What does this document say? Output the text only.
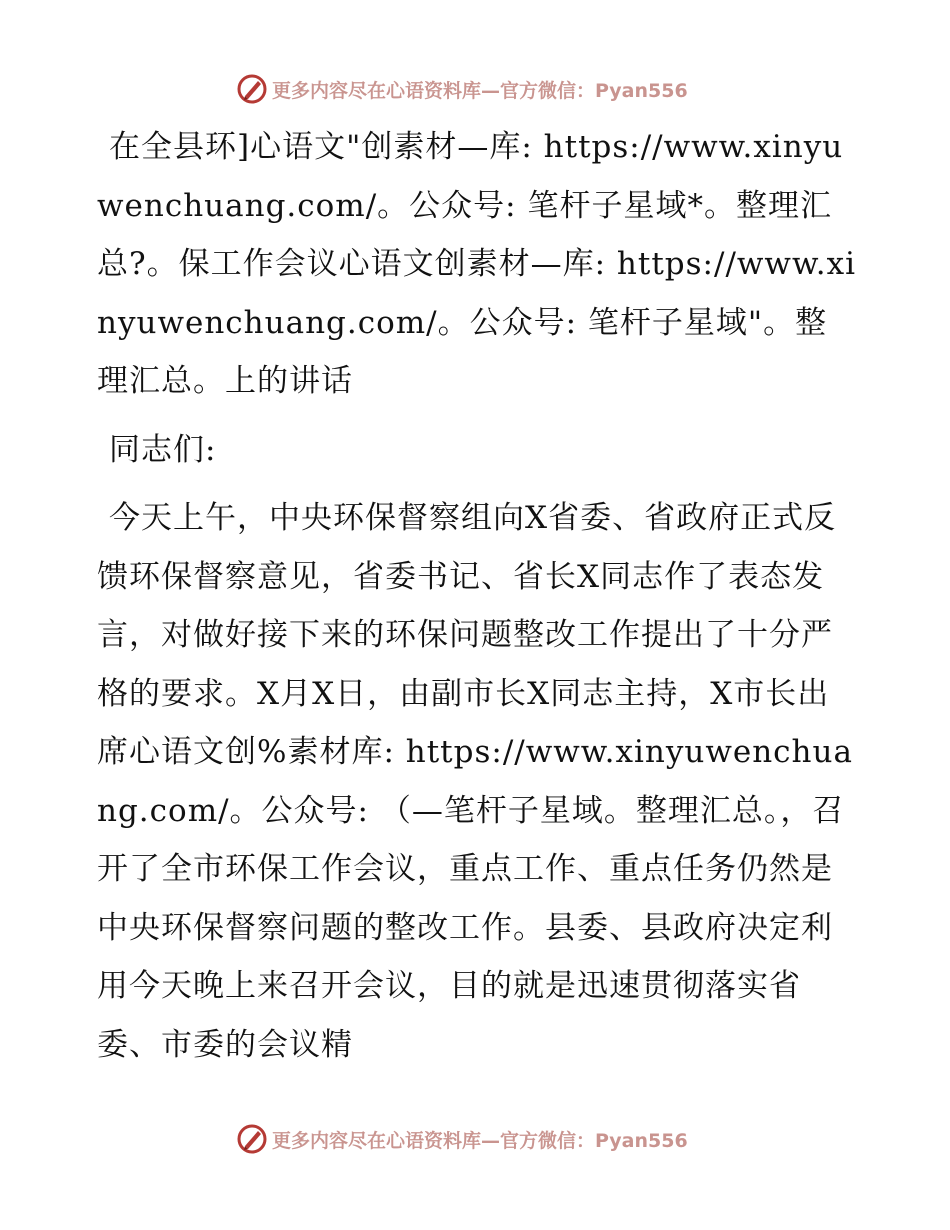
更多内容尽在心语资料库—官方微信：Pyan556

在全县环]心语文"创素材—库: https://www.xinyuwenchuang.com/。公众号: 笔杆子星域*。整理汇总?。保工作会议心语文创素材—库: https://www.xinyuwenchuang.com/。公众号: 笔杆子星域"。整理汇总。上的讲话

同志们:

今天上午，中央环保督察组向X省委、省政府正式反馈环保督察意见，省委书记、省长X同志作了表态发言，对做好接下来的环保问题整改工作提出了十分严格的要求。X月X日，由副市长X同志主持，X市长出席心语文创%素材库: https://www.xinyuwenchuang.com/。公众号: （—笔杆子星域。整理汇总。，召开了全市环保工作会议，重点工作、重点任务仍然是中央环保督察问题的整改工作。县委、县政府决定利用今天晚上来召开会议，目的就是迅速贯彻落实省委、市委的会议精

更多内容尽在心语资料库—官方微信：Pyan556
